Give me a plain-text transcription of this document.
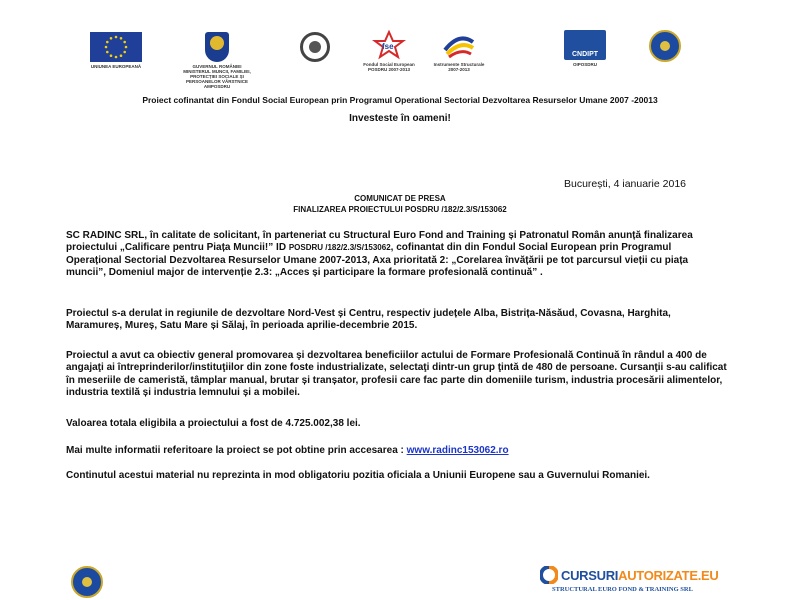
UNIUNEA EUROPEANĂ	GUVERNUL ROMÂNIEI
MINISTERUL MUNCII, FAMILIEI,
PROTECȚIEI SOCIALE ȘI
PERSOANELOR VÂRSTNICE
AMPOSDRU
fse
Fondul Social European
POSDRU 2007-2013
Instrumente Structurale
2007-2013
CNDIPT
OIPOSDRU
Proiect cofinantat din Fondul Social European prin Programul Operational Sectorial Dezvoltarea Resurselor Umane 2007 -20013
Investeste în oameni!
București, 4 ianuarie 2016
COMUNICAT DE PRESA
FINALIZAREA PROIECTULUI POSDRU /182/2.3/S/153062
SC RADINC SRL, în calitate de solicitant, în parteneriat cu Structural Euro Fond and Training și Patronatul Român anunță finalizarea proiectului „Calificare pentru Piața Muncii!” ID POSDRU /182/2.3/S/153062, cofinantat din din Fondul Social European prin Programul Operațional Sectorial Dezvoltarea Resurselor Umane 2007-2013, Axa prioritată 2: „Corelarea învățării pe tot parcursul vieții cu piața muncii”, Domeniul major de intervenție 2.3: „Acces și participare la formare profesională continuă” .
Proiectul s-a derulat in regiunile de dezvoltare Nord-Vest și Centru, respectiv județele Alba, Bistrița-Năsăud, Covasna, Harghita, Maramureș, Mureș, Satu Mare și Sălaj, în perioada aprilie-decembrie 2015.
Proiectul a avut ca obiectiv general promovarea şi dezvoltarea beneficiilor actului de Formare Profesională Continuă în rândul a 400 de angajaţi ai întreprinderilor/instituţiilor din zone foste industrializate, selectaţi dintr-un grup ţintă de 480 de persoane. Cursanţii s-au calificat în meseriile de cameristă, tâmplar manual, brutar și tranșator, profesii care fac parte din domeniile turism, industria procesării alimentelor, industria textilă și industria lemnului și a mobilei.
Valoarea totala eligibila a proiectului a fost de 4.725.002,38 lei.
Mai multe informatii referitoare la proiect se pot obtine prin accesarea : www.radinc153062.ro
Continutul acestui material nu reprezinta in mod obligatoriu pozitia oficiala a Uniunii Europene sau a Guvernului Romaniei.
CURSURI AUTORIZATE.EU
STRUCTURAL EURO FOND & TRAINING SRL
